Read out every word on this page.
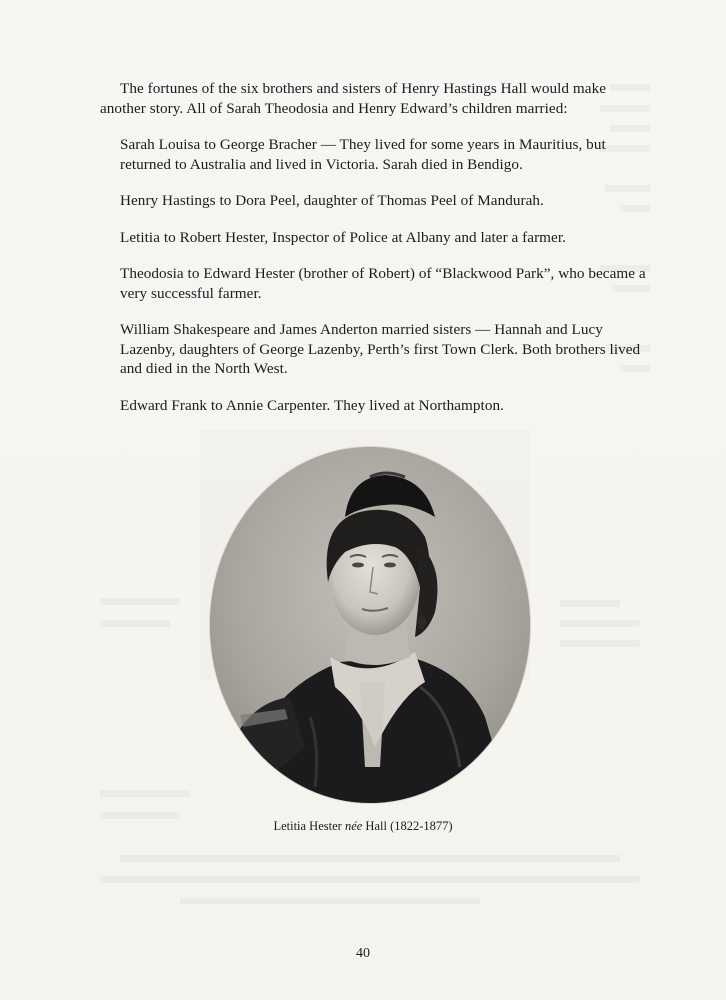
The fortunes of the six brothers and sisters of Henry Hastings Hall would make another story. All of Sarah Theodosia and Henry Edward’s children married:

Sarah Louisa to George Bracher — They lived for some years in Mauritius, but returned to Australia and lived in Victoria. Sarah died in Bendigo.

Henry Hastings to Dora Peel, daughter of Thomas Peel of Mandurah.

Letitia to Robert Hester, Inspector of Police at Albany and later a farmer.

Theodosia to Edward Hester (brother of Robert) of “Blackwood Park”, who became a very successful farmer.

William Shakespeare and James Anderton married sisters — Hannah and Lucy Lazenby, daughters of George Lazenby, Perth’s first Town Clerk. Both brothers lived and died in the North West.

Edward Frank to Annie Carpenter. They lived at Northampton.

Letitia Hester née Hall (1822-1877)
40
